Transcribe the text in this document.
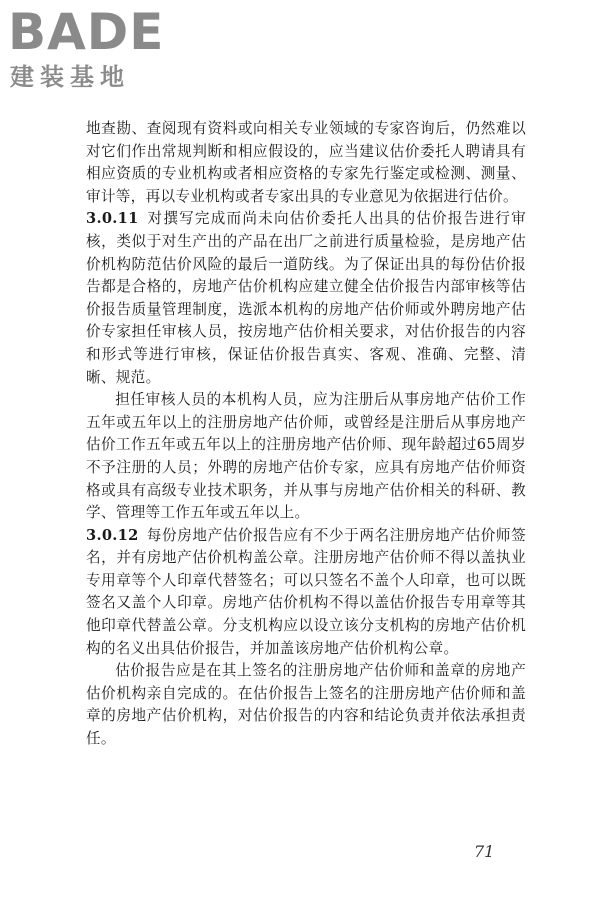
BADE
建装基地

地查勘、查阅现有资料或向相关专业领域的专家咨询后，仍然难以对它们作出常规判断和相应假设的，应当建议估价委托人聘请具有相应资质的专业机构或者相应资格的专家先行鉴定或检测、测量、审计等，再以专业机构或者专家出具的专业意见为依据进行估价。

3.0.11 对撰写完成而尚未向估价委托人出具的估价报告进行审核，类似于对生产出的产品在出厂之前进行质量检验，是房地产估价机构防范估价风险的最后一道防线。为了保证出具的每份估价报告都是合格的，房地产估价机构应建立健全估价报告内部审核等估价报告质量管理制度，选派本机构的房地产估价师或外聘房地产估价专家担任审核人员，按房地产估价相关要求，对估价报告的内容和形式等进行审核，保证估价报告真实、客观、准确、完整、清晰、规范。

担任审核人员的本机构人员，应为注册后从事房地产估价工作五年或五年以上的注册房地产估价师，或曾经是注册后从事房地产估价工作五年或五年以上的注册房地产估价师、现年龄超过65周岁不予注册的人员；外聘的房地产估价专家，应具有房地产估价师资格或具有高级专业技术职务，并从事与房地产估价相关的科研、教学、管理等工作五年或五年以上。

3.0.12 每份房地产估价报告应有不少于两名注册房地产估价师签名，并有房地产估价机构盖公章。注册房地产估价师不得以盖执业专用章等个人印章代替签名；可以只签名不盖个人印章，也可以既签名又盖个人印章。房地产估价机构不得以盖估价报告专用章等其他印章代替盖公章。分支机构应以设立该分支机构的房地产估价机构的名义出具估价报告，并加盖该房地产估价机构公章。

估价报告应是在其上签名的注册房地产估价师和盖章的房地产估价机构亲自完成的。在估价报告上签名的注册房地产估价师和盖章的房地产估价机构，对估价报告的内容和结论负责并依法承担责任。

71
